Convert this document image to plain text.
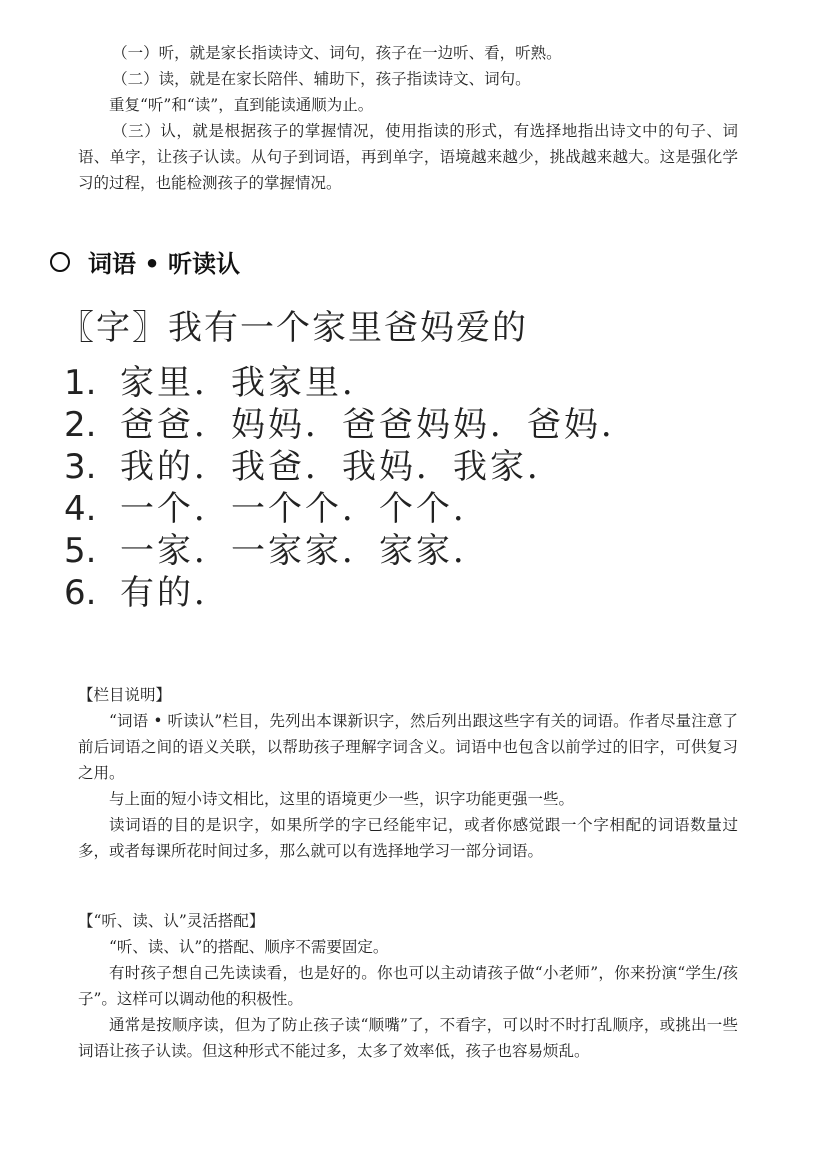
（一）听，就是家长指读诗文、词句，孩子在一边听、看，听熟。

（二）读，就是在家长陪伴、辅助下，孩子指读诗文、词句。

重复“听”和“读”，直到能读通顺为止。

（三）认，就是根据孩子的掌握情况，使用指读的形式，有选择地指出诗文中的句子、词语、单字，让孩子认读。从句子到词语，再到单字，语境越来越少，挑战越来越大。这是强化学习的过程，也能检测孩子的掌握情况。

词语 • 听读认
〖字〗我有一个家里爸妈爱的
1. 家里．我家里．
2. 爸爸．妈妈．爸爸妈妈．爸妈．
3. 我的．我爸．我妈．我家．
4. 一个．一个个．个个．
5. 一家．一家家．家家．
6. 有的．

【栏目说明】

“词语 • 听读认”栏目，先列出本课新识字，然后列出跟这些字有关的词语。作者尽量注意了前后词语之间的语义关联，以帮助孩子理解字词含义。词语中也包含以前学过的旧字，可供复习之用。

与上面的短小诗文相比，这里的语境更少一些，识字功能更强一些。

读词语的目的是识字，如果所学的字已经能牢记，或者你感觉跟一个字相配的词语数量过多，或者每课所花时间过多，那么就可以有选择地学习一部分词语。

【“听、读、认”灵活搭配】

“听、读、认”的搭配、顺序不需要固定。

有时孩子想自己先读读看，也是好的。你也可以主动请孩子做“小老师”，你来扮演“学生/孩子”。这样可以调动他的积极性。

通常是按顺序读，但为了防止孩子读“顺嘴”了，不看字，可以时不时打乱顺序，或挑出一些词语让孩子认读。但这种形式不能过多，太多了效率低，孩子也容易烦乱。
